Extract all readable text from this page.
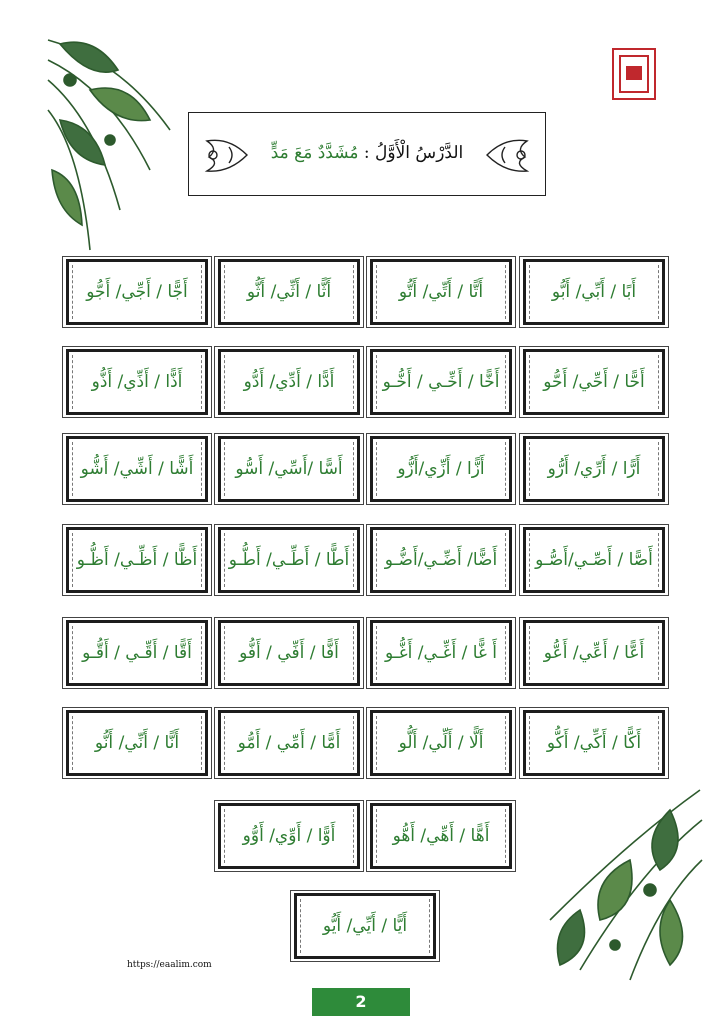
الدَّرْسُ الْأَوَّلُ : مُشَدَّدٌ مَعَ مَدٍّ
أَبًا / أَبِّي/ أَبُّو
أَتًّا / أَتِّي/ أَتُّو
أَثًّا / أَثِّي/ أَثُّو
أَجًّا / أَجِّي/ أَجُّو
أَحًّا / أَحِّي/ أَحُّو
أَخًّا / أَخِّـي / أَخُّـو
أَدًّا / أَدِّي/ أَدُّو
أَذًّا / أَذِّي/ أَذُّو
أَرًّا / أَرِّي/ أَرُّو
أَزًّا / أَزِّي/أَزُّو
أَسًّا /أَسِّي/ أَسُّو
أَشًّا / أَشِّي/ أَشُّو
أَصًّا / أَصِّـي/أَصُّـو
أَضًّا/ أَضِّـي/أَضُّـو
أَطًّا / أَطِّـي/ أَطُّـو
أَظًّا / أَظِّـي/ أَظُّـو
أَعًّا / أَعِّي/ أَعُّو
أَ غًّا / أَغِّـي/ أَغُّـو
أَفًّا / أَفِّي / أَفُّو
أَقًّا / أَقِّـي / أَقُّـو
أَكًّا / أَكِّي/ أَكُّو
أَلًّا / أَلِّي/ أَلُّو
أَمًّا / أَمِّي / أَمُّو
أَنًّا / أَنِّي/ أَنُّو
أَهًّا / أَهِّي/ أَهُّو
أَوًّا / أَوِّي/ أَوُّو
أَيًّا / أَيِّي/ أَيُّو
https://eaalim.com
2
